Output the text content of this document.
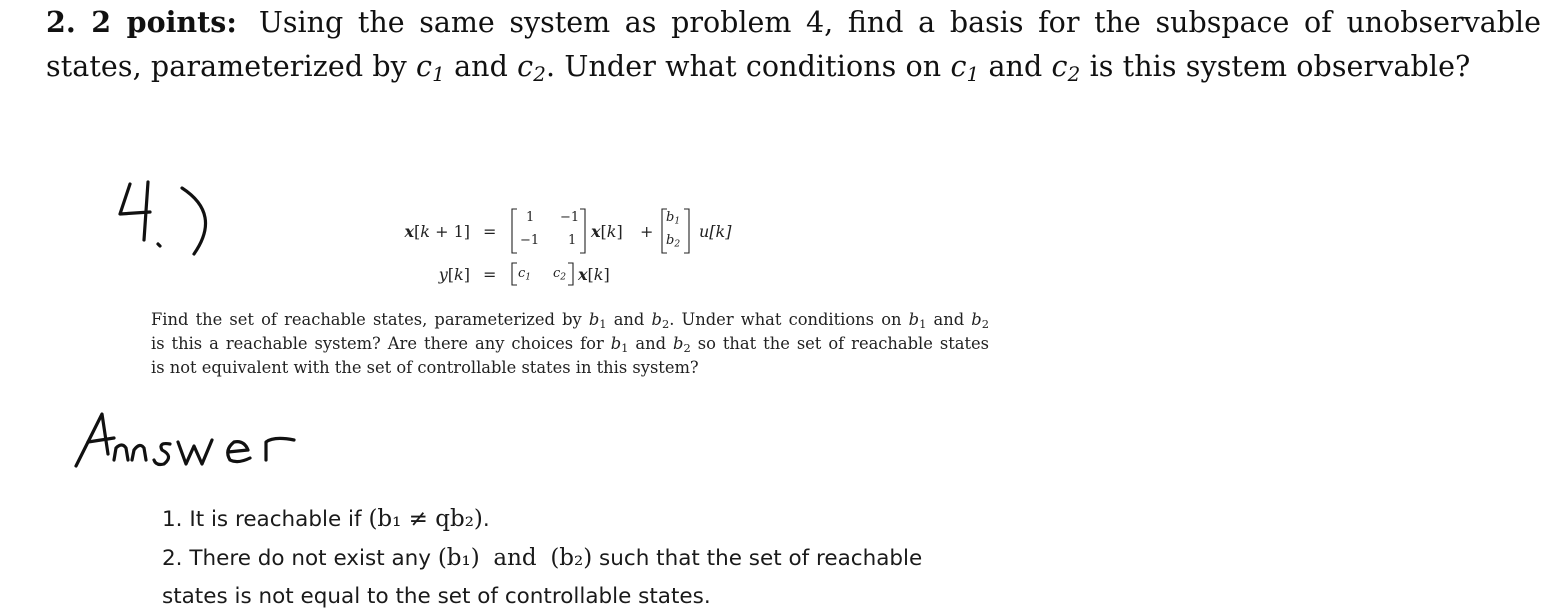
2. 2 points: Using the same system as problem 4, find a basis for the subspace of unobservable
states, parameterized by $c_1$ and $c_2$. Under what conditions on $c_1$ and $c_2$ is this system observable?
x[k + 1] =
1 −1
−1 1 x[k] +
$b_1$
$b_2$
u[k]
$y[k] = c_1$ $c_2$ x[k]
Find the set of reachable states, parameterized by $b_1$ and $b_2$. Under what conditions on $b_1$ and $b_2$
is this a reachable system? Are there any choices for $b_1$ and $b_2$ so that the set of reachable states
is not equivalent with the set of controllable states in this system?
1. It is reachable if (b₁ ≠ qb₂).
2. There do not exist any (b₁) and (b₂) such that the set of reachable
states is not equal to the set of controllable states.
